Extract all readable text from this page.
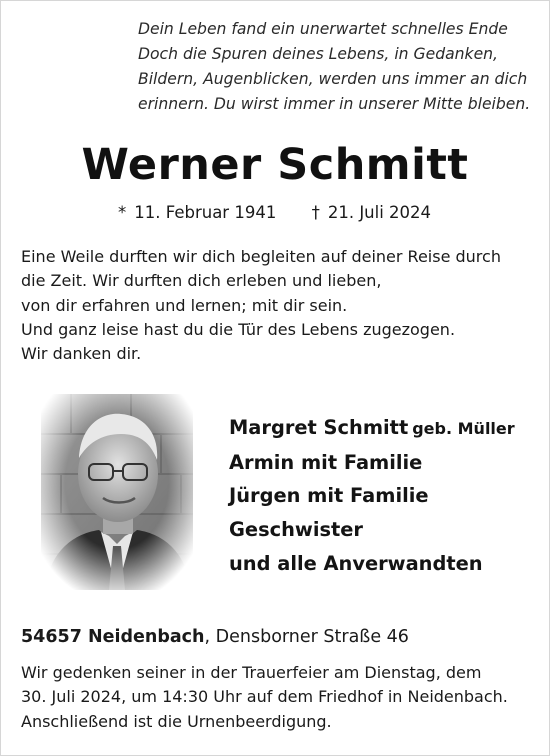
Dein Leben fand ein unerwartet schnelles Ende
Doch die Spuren deines Lebens, in Gedanken,
Bildern, Augenblicken, werden uns immer an dich
erinnern. Du wirst immer in unserer Mitte bleiben.
Werner Schmitt
* 11. Februar 1941 † 21. Juli 2024
Eine Weile durften wir dich begleiten auf deiner Reise durch
die Zeit. Wir durften dich erleben und lieben,
von dir erfahren und lernen; mit dir sein.
Und ganz leise hast du die Tür des Lebens zugezogen.
Wir danken dir.
Margret Schmitt geb. Müller
Armin mit Familie
Jürgen mit Familie
Geschwister
und alle Anverwandten
54657 Neidenbach, Densborner Straße 46
Wir gedenken seiner in der Trauerfeier am Dienstag, dem
30. Juli 2024, um 14:30 Uhr auf dem Friedhof in Neidenbach.
Anschließend ist die Urnenbeerdigung.
